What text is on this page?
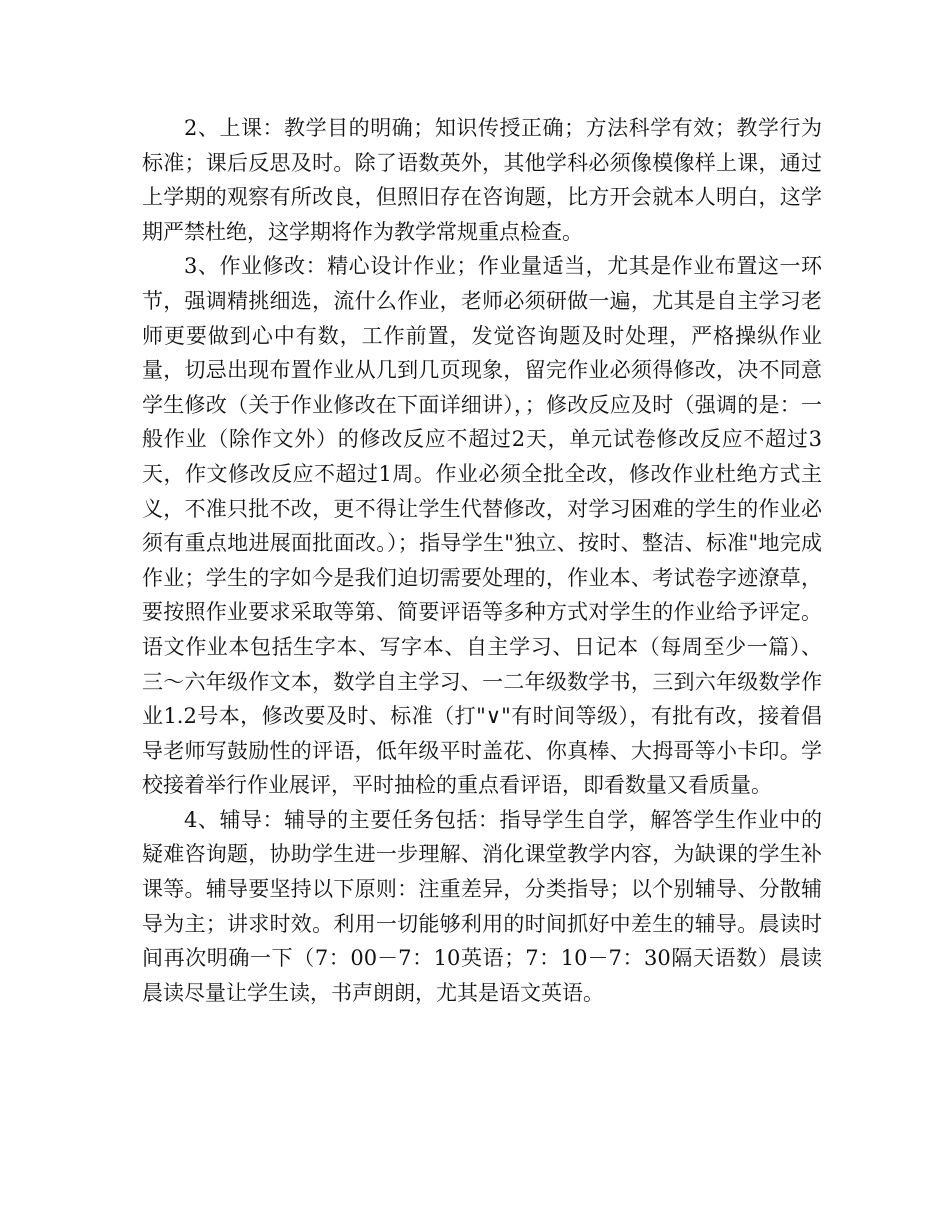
2、上课：教学目的明确；知识传授正确；方法科学有效；教学行为标准；课后反思及时。除了语数英外，其他学科必须像模像样上课，通过上学期的观察有所改良，但照旧存在咨询题，比方开会就本人明白，这学期严禁杜绝，这学期将作为教学常规重点检查。

3、作业修改：精心设计作业；作业量适当，尤其是作业布置这一环节，强调精挑细选，流什么作业，老师必须研做一遍，尤其是自主学习老师更要做到心中有数，工作前置，发觉咨询题及时处理，严格操纵作业量，切忌出现布置作业从几到几页现象，留完作业必须得修改，决不同意学生修改（关于作业修改在下面详细讲），；修改反应及时（强调的是：一般作业（除作文外）的修改反应不超过2天，单元试卷修改反应不超过3天，作文修改反应不超过1周。作业必须全批全改，修改作业杜绝方式主义，不准只批不改，更不得让学生代替修改，对学习困难的学生的作业必须有重点地进展面批面改。）；指导学生"独立、按时、整洁、标准"地完成作业；学生的字如今是我们迫切需要处理的，作业本、考试卷字迹潦草，要按照作业要求采取等第、简要评语等多种方式对学生的作业给予评定。语文作业本包括生字本、写字本、自主学习、日记本（每周至少一篇）、三～六年级作文本，数学自主学习、一二年级数学书，三到六年级数学作业1.2号本，修改要及时、标准（打"∨"有时间等级），有批有改，接着倡导老师写鼓励性的评语，低年级平时盖花、你真棒、大拇哥等小卡印。学校接着举行作业展评，平时抽检的重点看评语，即看数量又看质量。

4、辅导：辅导的主要任务包括：指导学生自学，解答学生作业中的疑难咨询题，协助学生进一步理解、消化课堂教学内容，为缺课的学生补课等。辅导要坚持以下原则：注重差异，分类指导；以个别辅导、分散辅导为主；讲求时效。利用一切能够利用的时间抓好中差生的辅导。晨读时间再次明确一下（7：00－7：10英语；7：10－7：30隔天语数）晨读晨读尽量让学生读，书声朗朗，尤其是语文英语。
